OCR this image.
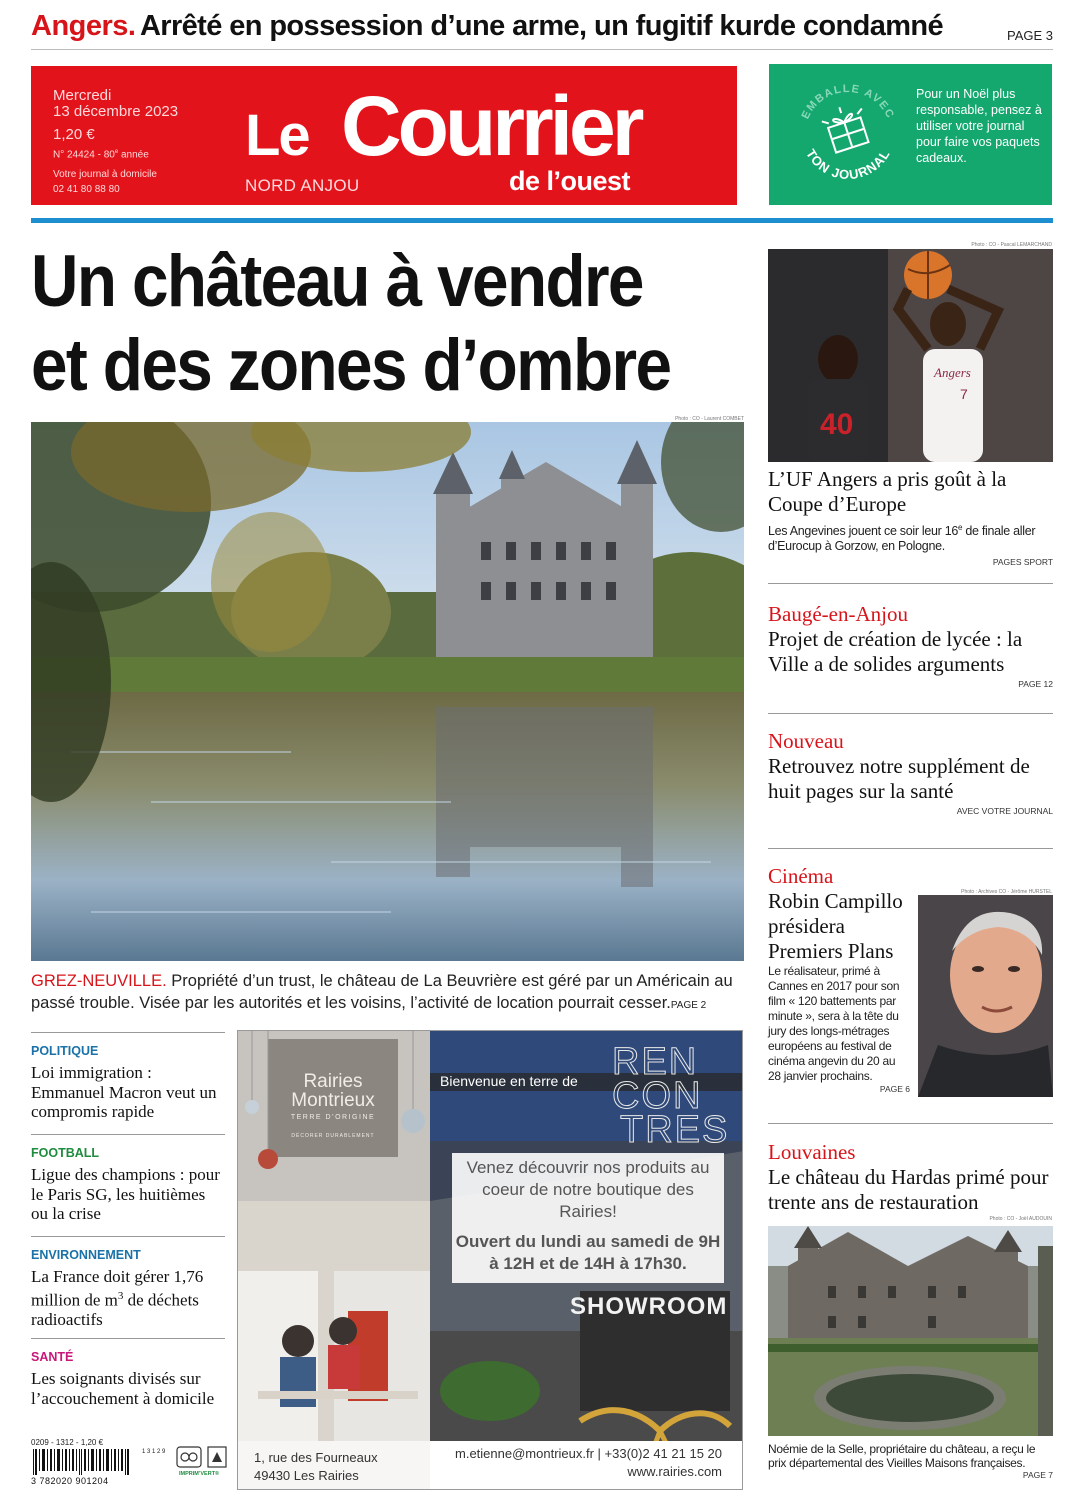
Angers. Arrêté en possession d’une arme, un fugitif kurde condamné	PAGE 3
Mercredi
13 décembre 2023
1,20 €
N° 24424 - 80e année
Votre journal à domicile
02 41 80 88 80
Le Courrier
NORD ANJOU	de l’ouest
EMBALLE AVEC
TON JOURNAL
Pour un Noël plus responsable, pensez à utiliser votre journal pour faire vos paquets cadeaux.
Un château à vendre
et des zones d’ombre
Photo : CO - Laurent COMBET
GREZ-NEUVILLE. Propriété d’un trust, le château de La Beuvrière est géré par un Américain au passé trouble. Visée par les autorités et les voisins, l’activité de location pourrait cesser.PAGE 2
POLITIQUE
Loi immigration : Emmanuel Macron veut un compromis rapide
FOOTBALL
Ligue des champions : pour le Paris SG, les huitièmes ou la crise
ENVIRONNEMENT
La France doit gérer 1,76 million de $m^3$ de déchets radioactifs
SANTÉ
Les soignants divisés sur l’accouchement à domicile
0209 - 1312 - 1,20 €
1 3 1 2 9
3 782020 901204
IMPRIM’VERT®
Rairies
Montrieux
TERRE D’ORIGINE
DÉCORER DURABLEMENT
1, rue des Fourneaux
49430 Les Rairies
Bienvenue en terre de REN
CON
TRES
Venez découvrir nos produits au coeur de notre boutique des Rairies!
Ouvert du lundi au samedi de 9H à 12H et de 14H à 17h30.
SHOWROOM
m.etienne@montrieux.fr | +33(0)2 41 21 15 20
www.rairies.com
Photo : CO - Pascal LEMARCHAND
Angers
7
40
L’UF Angers a pris goût à la Coupe d’Europe
Les Angevines jouent ce soir leur 16e de finale aller d’Eurocup à Gorzow, en Pologne.
PAGES SPORT
Baugé-en-Anjou
Projet de création de lycée : la Ville a de solides arguments
PAGE 12
Nouveau
Retrouvez notre supplément de huit pages sur la santé
AVEC VOTRE JOURNAL
Cinéma
Robin Campillo présidera Premiers Plans
Le réalisateur, primé à Cannes en 2017 pour son film « 120 battements par minute », sera à la tête du jury des longs-métrages européens au festival de cinéma angevin du 20 au 28 janvier prochains.
PAGE 6
Photo : Archives CO - Jérôme HURSTEL
Louvaines
Le château du Hardas primé pour trente ans de restauration
Photo : CO - Joël AUDOUIN
Noémie de la Selle, propriétaire du château, a reçu le prix départemental des Vieilles Maisons françaises.
PAGE 7
